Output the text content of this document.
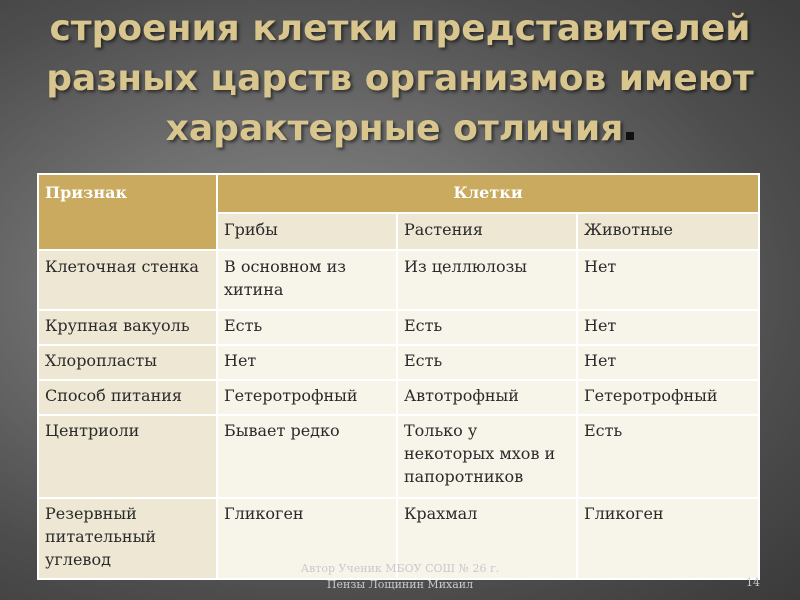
строения клетки представителей
разных царств организмов имеют
характерные отличия
Признак	Клетки		
	Грибы	Растения	Животные
Клеточная стенка	В основном из хитина	Из целлюлозы	Нет
Крупная вакуоль	Есть	Есть	Нет
Хлоропласты	Нет	Есть	Нет
Способ питания	Гетеротрофный	Автотрофный	Гетеротрофный
Центриоли	Бывает редко	Только у некоторых мхов и папоротников	Есть
Резервный питательный углевод	Гликоген	Крахмал	Гликоген
Автор Ученик МБОУ СОШ № 26 г.
Пензы Лощинин Михаил	14
